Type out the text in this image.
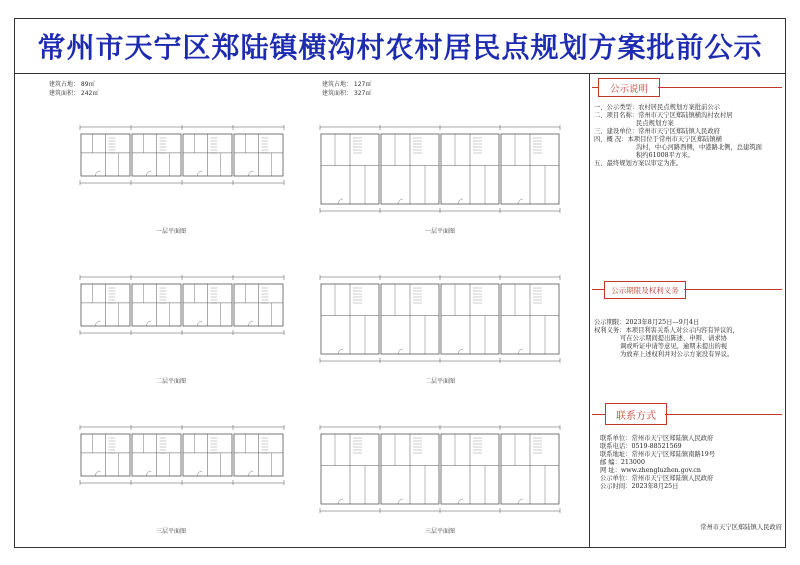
常州市天宁区郑陆镇横沟村农村居民点规划方案批前公示
建筑占地： 89㎡
建筑面积： 242㎡
建筑占地： 127㎡
建筑面积： 327㎡
一层平面图
二层平面图
三层平面图
一层平面图
二层平面图
三层平面图
公示说明

一、公示类型：农村居民点规划方案批前公示

二、项目名称：常州市天宁区郑陆镇横沟村农村居

民点规划方案

三、建设单位：常州市天宁区郑陆镇人民政府

四、概 况：本项目位于常州市天宁区郑陆镇横

沟村，中心河路西侧，中港路北侧，总建筑面

积约61008平方米。

五、最终规划方案以审定为准。

公示期限及权利义务
公示期限： 2023年8月25日—9月4日
权利义务： 本项目利害关系人对公示内容有异议的，

可在公示期间提出陈述、申辩、请求协

调或听证申请等意见，逾期未提出的视

为放弃上述权利并对公示方案没有异议。

联系方式
联系单位： 常州市天宁区郑陆镇人民政府
联系电话： 0519-88521569
联系地址： 常州市天宁区郑陆镇南路19号
邮 编： 213000
网 址： www.zhengluzhen.gov.cn
公示单位： 常州市天宁区郑陆镇人民政府
公示时间： 2023年8月25日
常州市天宁区郑陆镇人民政府
